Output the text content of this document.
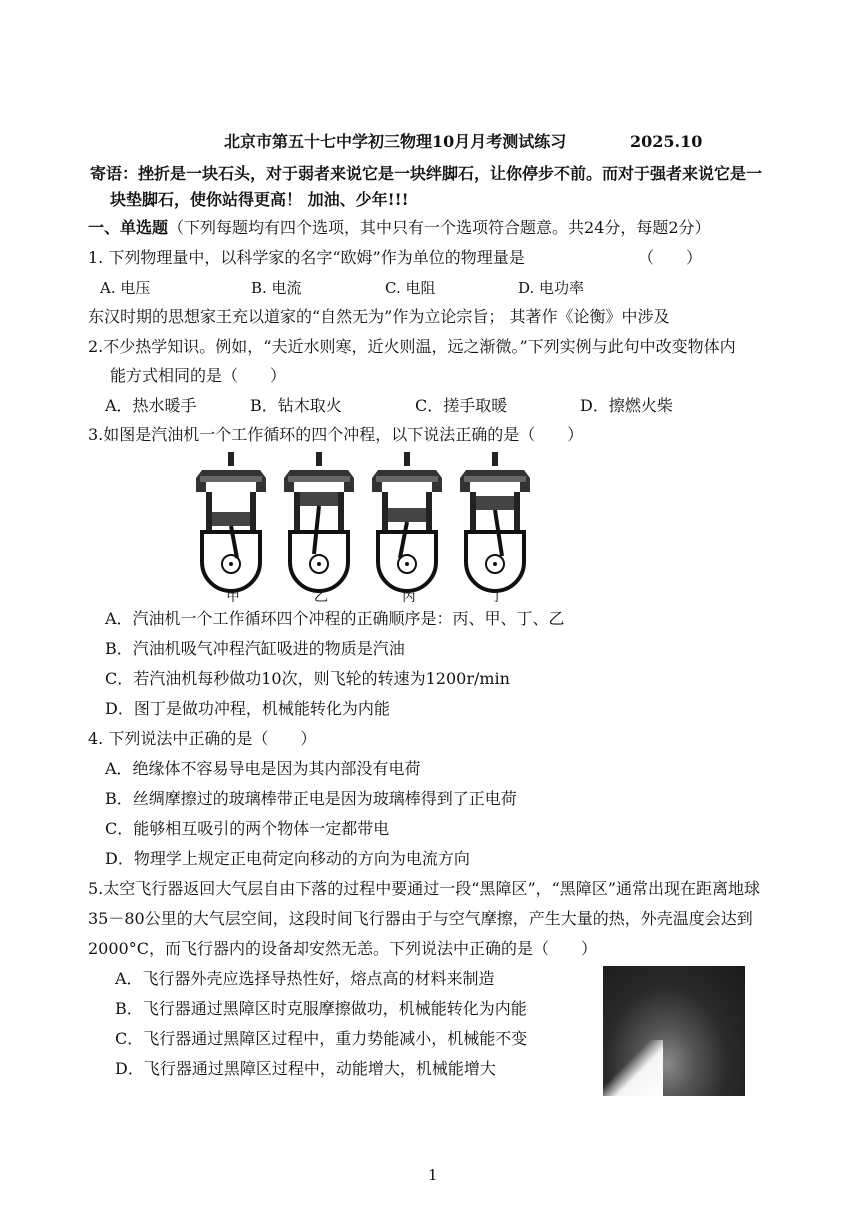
北京市第五十七中学初三物理10月月考测试练习	2025.10
寄语：挫折是一块石头，对于弱者来说它是一块绊脚石，让你停步不前。而对于强者来说它是一
块垫脚石，使你站得更高！ 加油、少年!!!
一、单选题（下列每题均有四个选项，其中只有一个选项符合题意。共24分，每题2分）
1. 下列物理量中，以科学家的名字“欧姆”作为单位的物理量是	（　　）
A. 电压	B. 电流	C. 电阻	D. 电功率
东汉时期的思想家王充以道家的“自然无为”作为立论宗旨； 其著作《论衡》中涉及
2.不少热学知识。例如，“夫近水则寒，近火则温，远之渐微。”下列实例与此句中改变物体内
能方式相同的是（　　）
A．热水暖手	B．钻木取火	C．搓手取暖	D．擦燃火柴
3.如图是汽油机一个工作循环的四个冲程，以下说法正确的是（　　）
甲	乙	丙	丁
A．汽油机一个工作循环四个冲程的正确顺序是：丙、甲、丁、乙
B．汽油机吸气冲程汽缸吸进的物质是汽油
C．若汽油机每秒做功10次，则飞轮的转速为1200r/min
D．图丁是做功冲程，机械能转化为内能
4. 下列说法中正确的是（　　）
A．绝缘体不容易导电是因为其内部没有电荷
B．丝绸摩擦过的玻璃棒带正电是因为玻璃棒得到了正电荷
C．能够相互吸引的两个物体一定都带电
D．物理学上规定正电荷定向移动的方向为电流方向
5.太空飞行器返回大气层自由下落的过程中要通过一段“黑障区”，“黑障区”通常出现在距离地球
35－80公里的大气层空间，这段时间飞行器由于与空气摩擦，产生大量的热，外壳温度会达到
2000°C，而飞行器内的设备却安然无恙。下列说法中正确的是（　　）
A．飞行器外壳应选择导热性好，熔点高的材料来制造
B．飞行器通过黑障区时克服摩擦做功，机械能转化为内能
C．飞行器通过黑障区过程中，重力势能减小，机械能不变
D．飞行器通过黑障区过程中，动能增大，机械能增大
1
